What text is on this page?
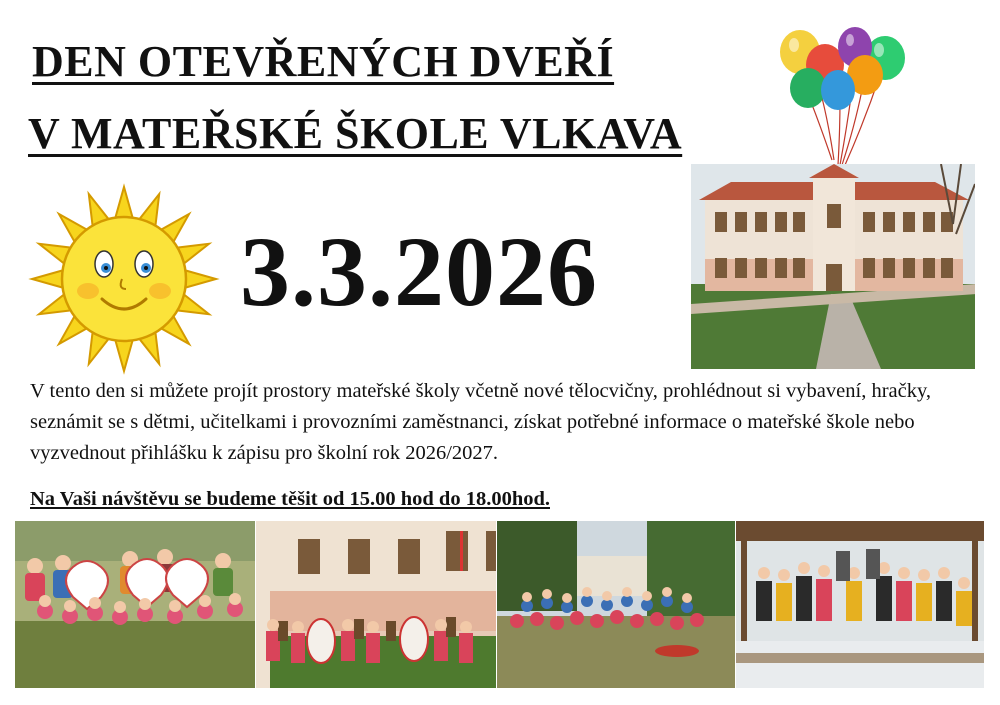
DEN OTEVŘENÝCH DVEŘÍ
V MATEŘSKÉ ŠKOLE VLKAVA
3.3.2026
V tento den si můžete projít prostory mateřské školy včetně nové tělocvičny, prohlédnout si vybavení, hračky, seznámit se s dětmi, učitelkami i provozními zaměstnanci, získat potřebné informace o mateřské škole nebo vyzvednout přihlášku k zápisu pro školní rok 2026/2027.
Na Vaši návštěvu se budeme těšit od 15.00 hod do 18.00hod.
